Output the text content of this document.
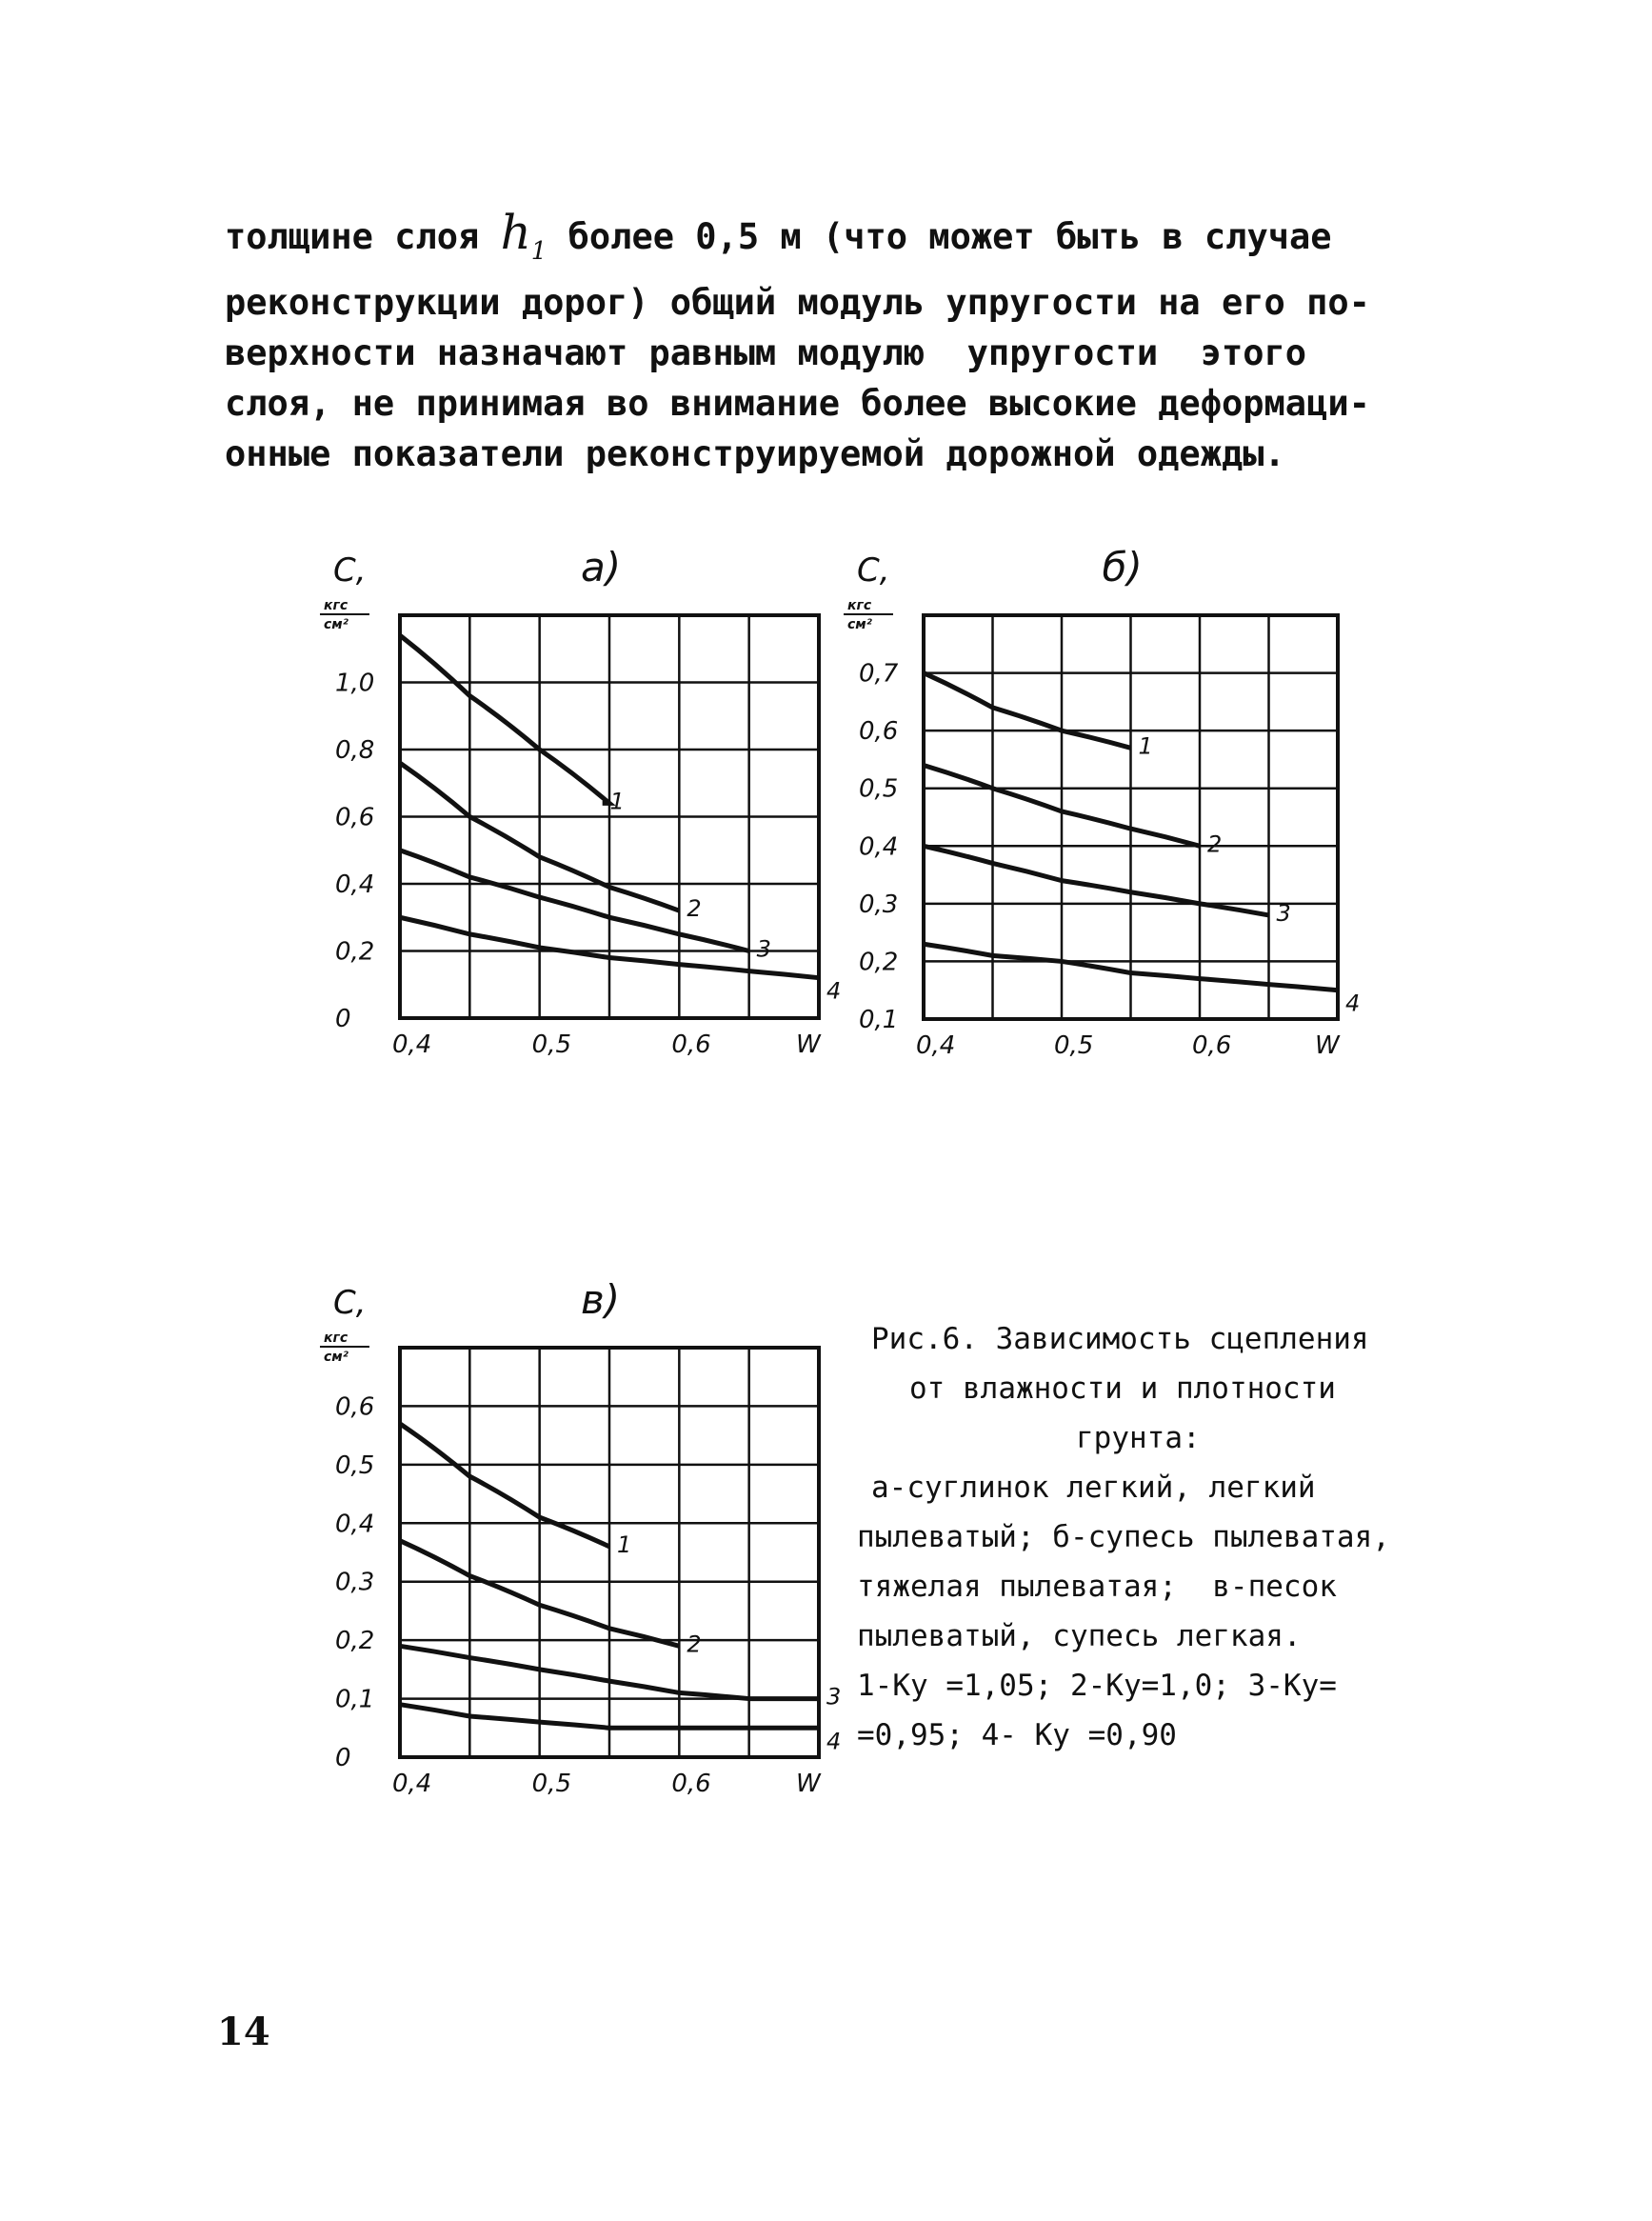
толщине слоя $h_1$ более 0,5 м (что может быть в случае
реконструкции дорог) общий модуль упругости на его по-
верхности назначают равным модулю  упругости  этого
слоя, не принимая во внимание более высокие деформаци-
онные показатели реконструируемой дорожной одежды.
1
2
3
4
0
0,2
0,4
0,6
0,8
1,0
0,4	0,5	0,6	W
C,
кгс
см²
а)
1
2
3
4
0,1
0,2
0,3
0,4
0,5
0,6
0,7
0,4	0,5	0,6	W
C,
кгс
см²
б)
1
2
3
4
0
0,1
0,2
0,3
0,4
0,5
0,6
0,4	0,5	0,6	W
C,
кгс
см²
в)
Рис.6. Зависимость сцепления
от влажности и плотности
грунта:
а-суглинок легкий, легкий
пылеватый; б-супесь пылеватая,
тяжелая пылеватая;  в-песок
пылеватый, супесь легкая.
1-Ку =1,05; 2-Ку=1,0; 3-Ку=
=0,95; 4- Ку =0,90
14
